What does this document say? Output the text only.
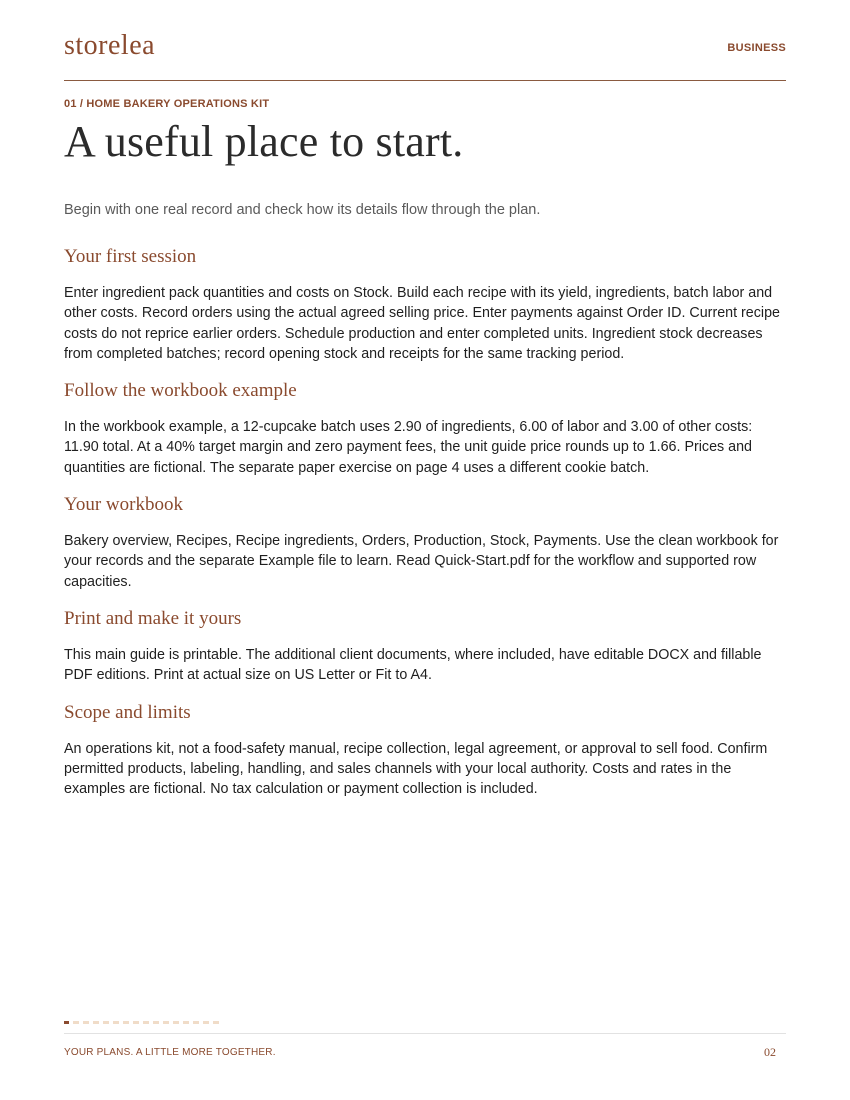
storelea	BUSINESS
01 / HOME BAKERY OPERATIONS KIT
A useful place to start.

Begin with one real record and check how its details flow through the plan.

Your first session

Enter ingredient pack quantities and costs on Stock. Build each recipe with its yield, ingredients, batch labor and other costs. Record orders using the actual agreed selling price. Enter payments against Order ID. Current recipe costs do not reprice earlier orders. Schedule production and enter completed units. Ingredient stock decreases from completed batches; record opening stock and receipts for the same tracking period.

Follow the workbook example

In the workbook example, a 12-cupcake batch uses 2.90 of ingredients, 6.00 of labor and 3.00 of other costs: 11.90 total. At a 40% target margin and zero payment fees, the unit guide price rounds up to 1.66. Prices and quantities are fictional. The separate paper exercise on page 4 uses a different cookie batch.

Your workbook

Bakery overview, Recipes, Recipe ingredients, Orders, Production, Stock, Payments. Use the clean workbook for your records and the separate Example file to learn. Read Quick-Start.pdf for the workflow and supported row capacities.

Print and make it yours

This main guide is printable. The additional client documents, where included, have editable DOCX and fillable PDF editions. Print at actual size on US Letter or Fit to A4.

Scope and limits

An operations kit, not a food-safety manual, recipe collection, legal agreement, or approval to sell food. Confirm permitted products, labeling, handling, and sales channels with your local authority. Costs and rates in the examples are fictional. No tax calculation or payment collection is included.

YOUR PLANS. A LITTLE MORE TOGETHER.	02
